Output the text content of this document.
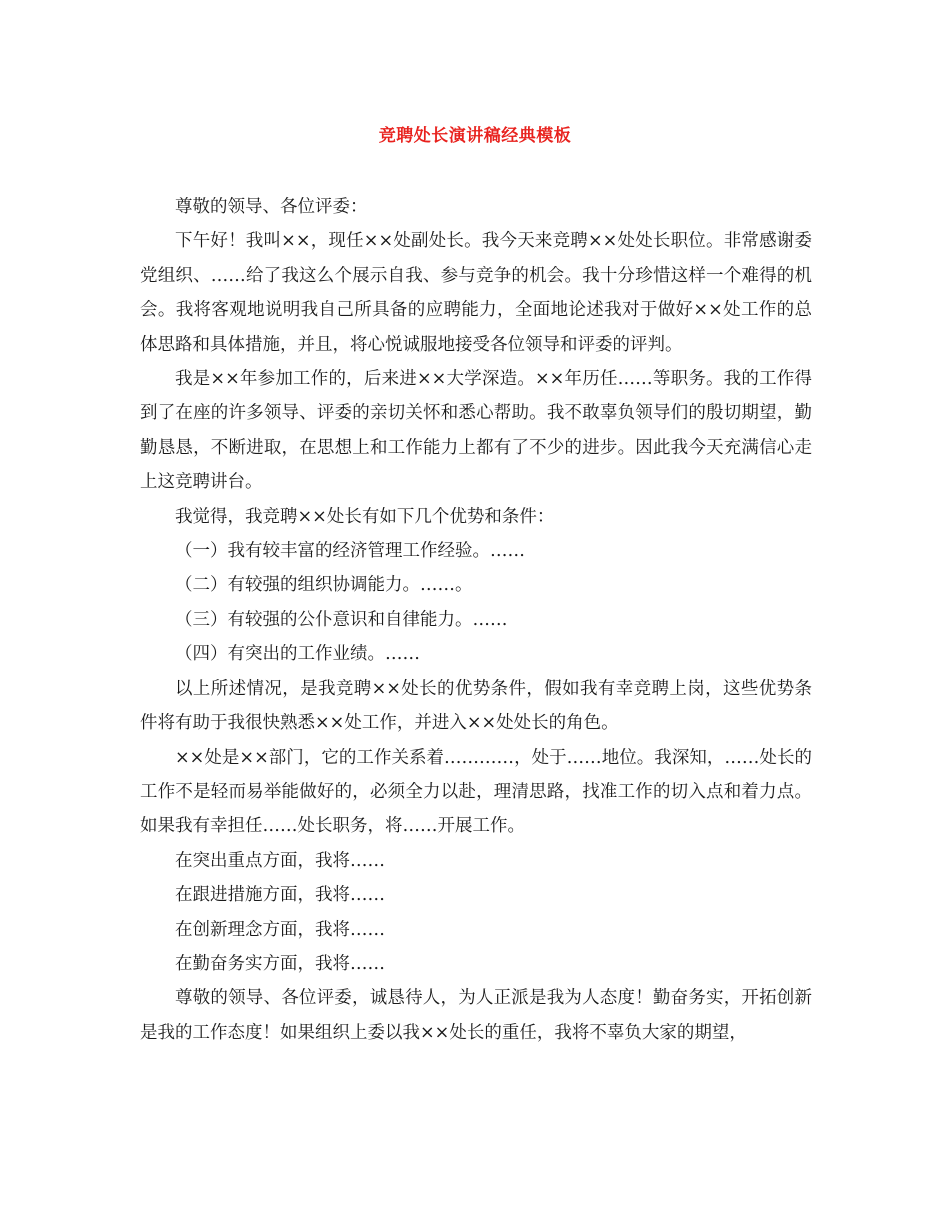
竞聘处长演讲稿经典模板

尊敬的领导、各位评委：

下午好！我叫××，现任××处副处长。我今天来竞聘××处处长职位。非常感谢委党组织、……给了我这么个展示自我、参与竞争的机会。我十分珍惜这样一个难得的机会。我将客观地说明我自己所具备的应聘能力，全面地论述我对于做好××处工作的总体思路和具体措施，并且，将心悦诚服地接受各位领导和评委的评判。

我是××年参加工作的，后来进××大学深造。××年历任……等职务。我的工作得到了在座的许多领导、评委的亲切关怀和悉心帮助。我不敢辜负领导们的殷切期望，勤勤恳恳，不断进取，在思想上和工作能力上都有了不少的进步。因此我今天充满信心走上这竞聘讲台。

我觉得，我竞聘××处长有如下几个优势和条件：

（一）我有较丰富的经济管理工作经验。……

（二）有较强的组织协调能力。……。

（三）有较强的公仆意识和自律能力。……

（四）有突出的工作业绩。……

以上所述情况，是我竞聘××处长的优势条件，假如我有幸竞聘上岗，这些优势条件将有助于我很快熟悉××处工作，并进入××处处长的角色。

××处是××部门，它的工作关系着…………，处于……地位。我深知，……处长的工作不是轻而易举能做好的，必须全力以赴，理清思路，找准工作的切入点和着力点。如果我有幸担任……处长职务，将……开展工作。

在突出重点方面，我将……

在跟进措施方面，我将……

在创新理念方面，我将……

在勤奋务实方面，我将……

尊敬的领导、各位评委，诚恳待人，为人正派是我为人态度！勤奋务实，开拓创新是我的工作态度！如果组织上委以我××处长的重任，我将不辜负大家的期望，
